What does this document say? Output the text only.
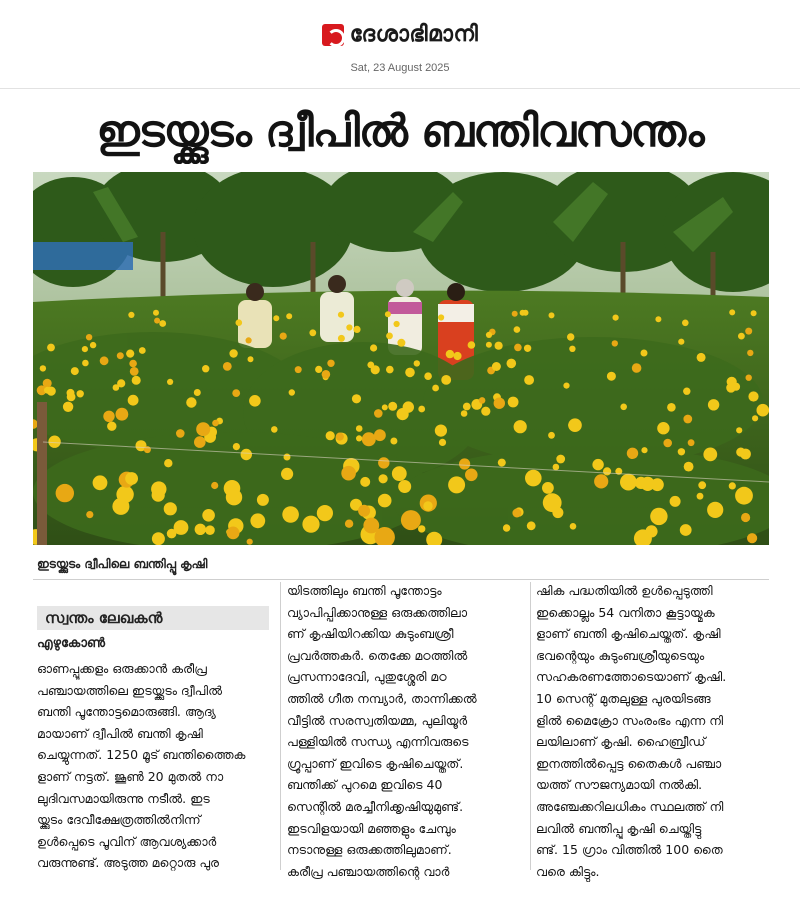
ദേശാഭിമാനി
Sat, 23 August 2025
ഇടയ്ക്കുടം ദ്വീപിൽ ബന്തിവസന്തം
ഇടയ്ക്കുടം ദ്വീപിലെ ബന്തിപ്പൂ കൃഷി
സ്വന്തം ലേഖകൻ
എഴുകോൺ

ഓണപ്പൂക്കളം ഒരുക്കാൻ കരീപ്ര

പഞ്ചായത്തിലെ ഇടയ്ക്കുടം ദ്വീപിൽ

ബന്തി പൂന്തോട്ടമൊരുങ്ങി. ആദ്യ

മായാണ് ദ്വീപിൽ ബന്തി കൃഷി

ചെയ്യുന്നത്. 1250 മൂട് ബന്തിത്തൈക

ളാണ് നട്ടത്. ജൂൺ 20 മുതൽ നാ

ലുദിവസമായിരുന്നു നടീൽ. ഇട

യ്ക്കുടം ദേവീക്ഷേത്രത്തിൽനിന്ന്

ഉൾപ്പെടെ പൂവിന് ആവശ്യക്കാർ

വരുന്നുണ്ട്. അടുത്ത മറ്റൊരു പുര

യിടത്തിലും ബന്തി പൂന്തോട്ടം

വ്യാപിപ്പിക്കാനുള്ള ഒരുക്കത്തിലാ

ണ് കൃഷിയിറക്കിയ കുടുംബശ്രീ

പ്രവർത്തകർ. തെക്കേ മഠത്തിൽ

പ്രസന്നാദേവി, പുതുശ്ശേരി മഠ

ത്തിൽ ഗീത നമ്പ്യാർ, താന്നിക്കൽ

വീട്ടിൽ സരസ്വതിയമ്മ, പുലിയൂർ

പള്ളിയിൽ സന്ധ്യ എന്നിവരുടെ

ഗ്രൂപ്പാണ് ഇവിടെ കൃഷിചെയ്തത്.

ബന്തിക്ക് പുറമെ ഇവിടെ 40

സെന്റിൽ മരച്ചീനിക്കൃഷിയുമുണ്ട്.

ഇടവിളയായി മഞ്ഞളും ചേമ്പും

നടാനുള്ള ഒരുക്കത്തിലുമാണ്.

കരീപ്ര പഞ്ചായത്തിന്റെ വാർ

ഷിക പദ്ധതിയിൽ ഉൾപ്പെടുത്തി

ഇക്കൊല്ലം 54 വനിതാ കൂട്ടായ്മക

ളാണ് ബന്തി കൃഷിചെയ്തത്. കൃഷി

ഭവന്റെയും കുടുംബശ്രീയുടെയും

സഹകരണത്തോടെയാണ് കൃഷി.

10 സെന്റ് മുതലുള്ള പുരയിടങ്ങ

ളിൽ മൈക്രോ സംരംഭം എന്ന നി

ലയിലാണ് കൃഷി. ഹൈബ്രീഡ്

ഇനത്തിൽപ്പെട്ട തൈകൾ പഞ്ചാ

യത്ത് സൗജന്യമായി നൽകി.

അഞ്ചേക്കറിലധികം സ്ഥലത്ത് നി

ലവിൽ ബന്തിപ്പൂ കൃഷി ചെയ്തിട്ടു

ണ്ട്. 15 ഗ്രാം വിത്തിൽ 100 തൈ

വരെ കിട്ടും.
